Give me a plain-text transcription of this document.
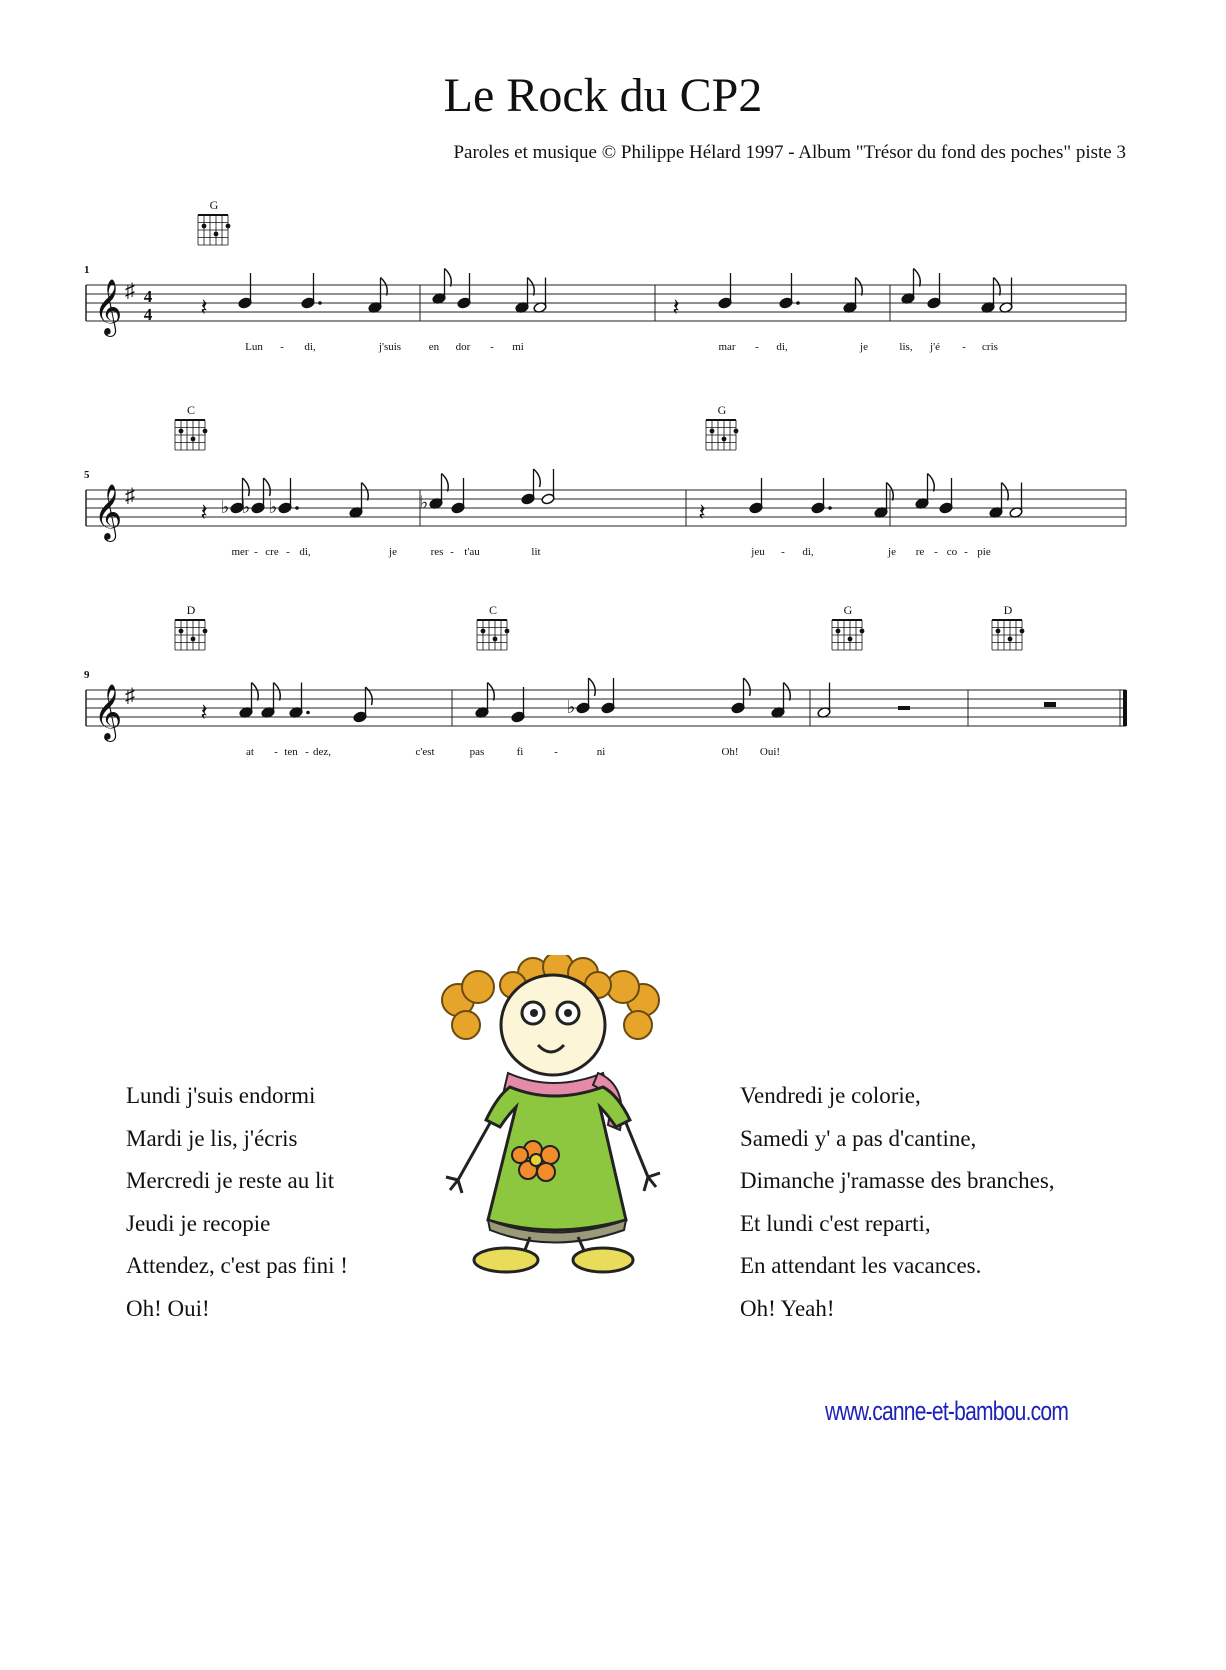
Le Rock du CP2
Paroles et musique © Philippe Hélard 1997 - Album "Trésor du fond des poches" piste 3
𝄞 ♯ 4
4
1
𝄽	𝄽
G
Lun - di,	j'suis	en dor - mi	mar - di,	je	lis, j'é - cris
𝄞 ♯
5
𝄽	𝄽
♭ ♭ ♭	♭
C	G
mer - cre - di,	je	res - t'au	lit	jeu - di,	je re - co - pie
𝄞 ♯
9
𝄽	♭
D	C	G	D
at - ten - dez,	c'est	pas	fi	-	ni	Oh! Oui!
Lundi j'suis endormi
Mardi je lis, j'écris
Mercredi je reste au lit
Jeudi je recopie
Attendez, c'est pas fini !
Oh! Oui!
Vendredi je colorie,
Samedi y' a pas d'cantine,
Dimanche j'ramasse des branches,
Et lundi c'est reparti,
En attendant les vacances.
Oh! Yeah!
www.canne-et-bambou.com
